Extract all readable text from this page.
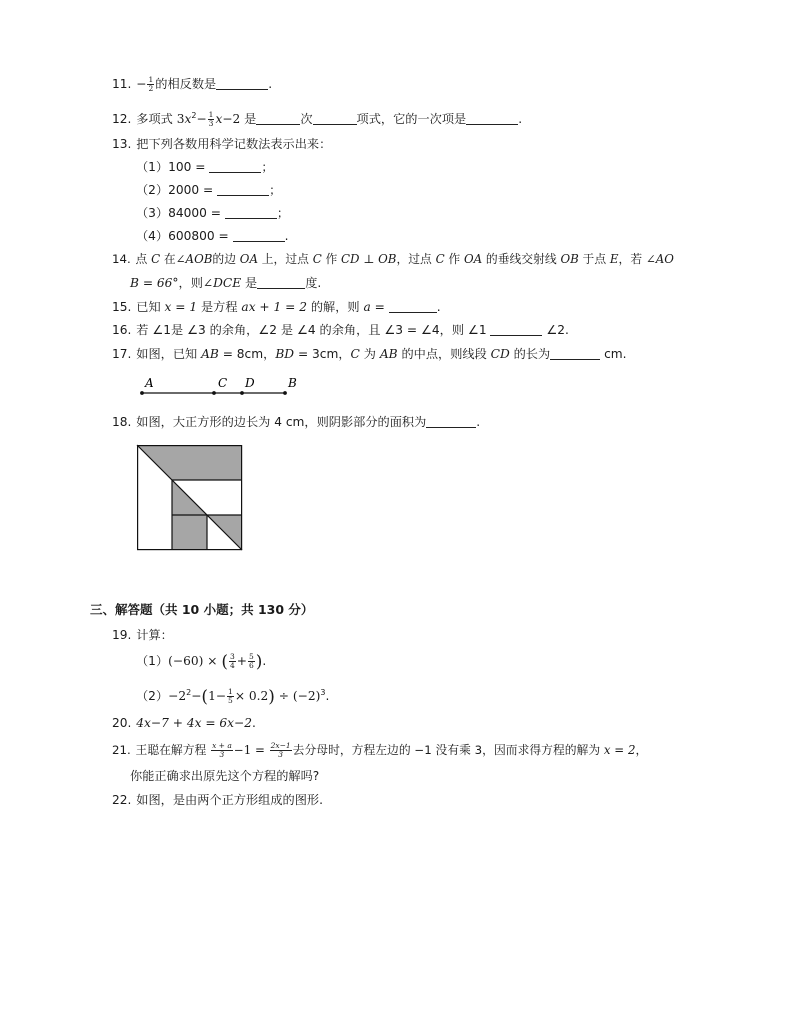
11. − $\frac{1}{2}$ 的相反数是	.
12. 多项式 $3x^2- \frac{1}{3} x-2$ 是	次	项式，它的一次项是	.
13. 把下列各数用科学记数法表示出来：
（1）100 =	；
（2）2000 =	；
（3）84000 =	；
（4）600800 =	.
14. 点 C 在∠AOB的边 OA 上，过点 C 作 CD ⊥ OB，过点 C 作 OA 的垂线交射线 OB 于点 E，若 ∠AO
B = 66°，则∠DCE 是	度.
15. 已知 x = 1 是方程 ax + 1 = 2 的解，则 a =	.
16. 若 ∠1是 ∠3 的余角，∠2 是 ∠4 的余角，且 ∠3 = ∠4，则 ∠1	∠2.
17. 如图，已知 AB = 8cm，BD = 3cm，C 为 AB 的中点，则线段 CD 的长为	cm.
A	C D	B
18. 如图，大正方形的边长为 4 cm，则阴影部分的面积为	.
三、解答题（共 10 小题；共 130 分）
19. 计算：
（1）(−60) × ( $\frac{3}{4} + \frac{5}{6}$ ).
$(2)-2^2-(1- \frac{1}{5} \times 0.2) \div (-2)^3$.
20. 4x−7 + 4x = 6x−2.
21. 王聪在解方程 $\frac{x + a}{3} -1 = \frac{2x-1}{3}$ 去分母时，方程左边的 −1 没有乘 3，因而求得方程的解为 x = 2，
你能正确求出原先这个方程的解吗?
22. 如图，是由两个正方形组成的图形.
